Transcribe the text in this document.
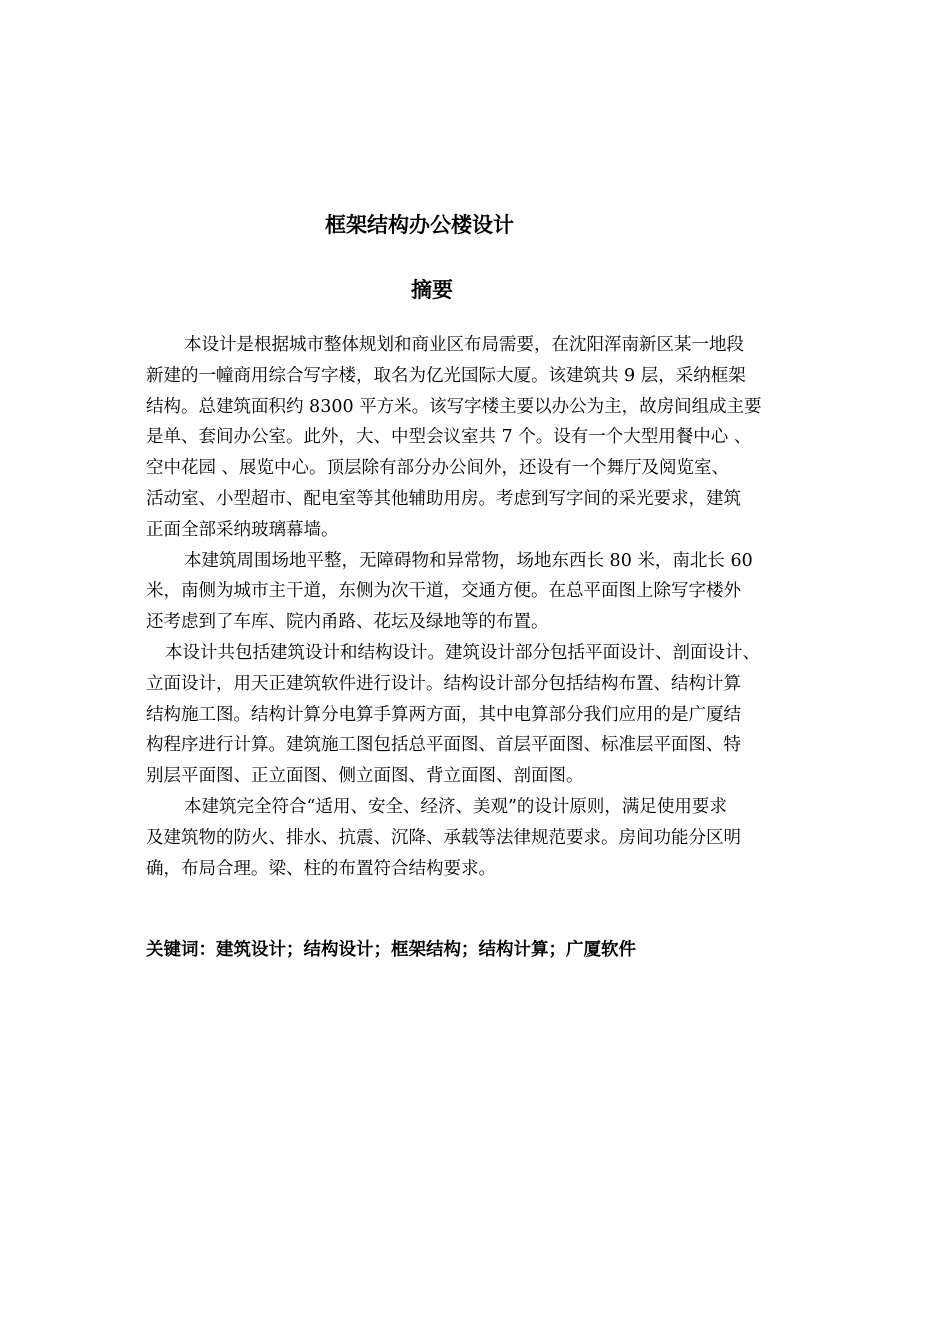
框架结构办公楼设计
摘要
本设计是根据城市整体规划和商业区布局需要，在沈阳浑南新区某一地段
新建的一幢商用综合写字楼，取名为亿光国际大厦。该建筑共 9 层，采纳框架
结构。总建筑面积约 8300 平方米。该写字楼主要以办公为主，故房间组成主要
是单、套间办公室。此外，大、中型会议室共 7 个。设有一个大型用餐中心 、
空中花园 、展览中心。顶层除有部分办公间外，还设有一个舞厅及阅览室、
活动室、小型超市、配电室等其他辅助用房。考虑到写字间的采光要求，建筑
正面全部采纳玻璃幕墙。
本建筑周围场地平整，无障碍物和异常物，场地东西长 80 米，南北长 60
米，南侧为城市主干道，东侧为次干道，交通方便。在总平面图上除写字楼外
还考虑到了车库、院内甬路、花坛及绿地等的布置。
本设计共包括建筑设计和结构设计。建筑设计部分包括平面设计、剖面设计、
立面设计，用天正建筑软件进行设计。结构设计部分包括结构布置、结构计算
结构施工图。结构计算分电算手算两方面，其中电算部分我们应用的是广厦结
构程序进行计算。建筑施工图包括总平面图、首层平面图、标准层平面图、特
别层平面图、正立面图、侧立面图、背立面图、剖面图。
本建筑完全符合“适用、安全、经济、美观”的设计原则，满足使用要求
及建筑物的防火、排水、抗震、沉降、承载等法律规范要求。房间功能分区明
确，布局合理。梁、柱的布置符合结构要求。
关键词：建筑设计；结构设计；框架结构；结构计算；广厦软件
